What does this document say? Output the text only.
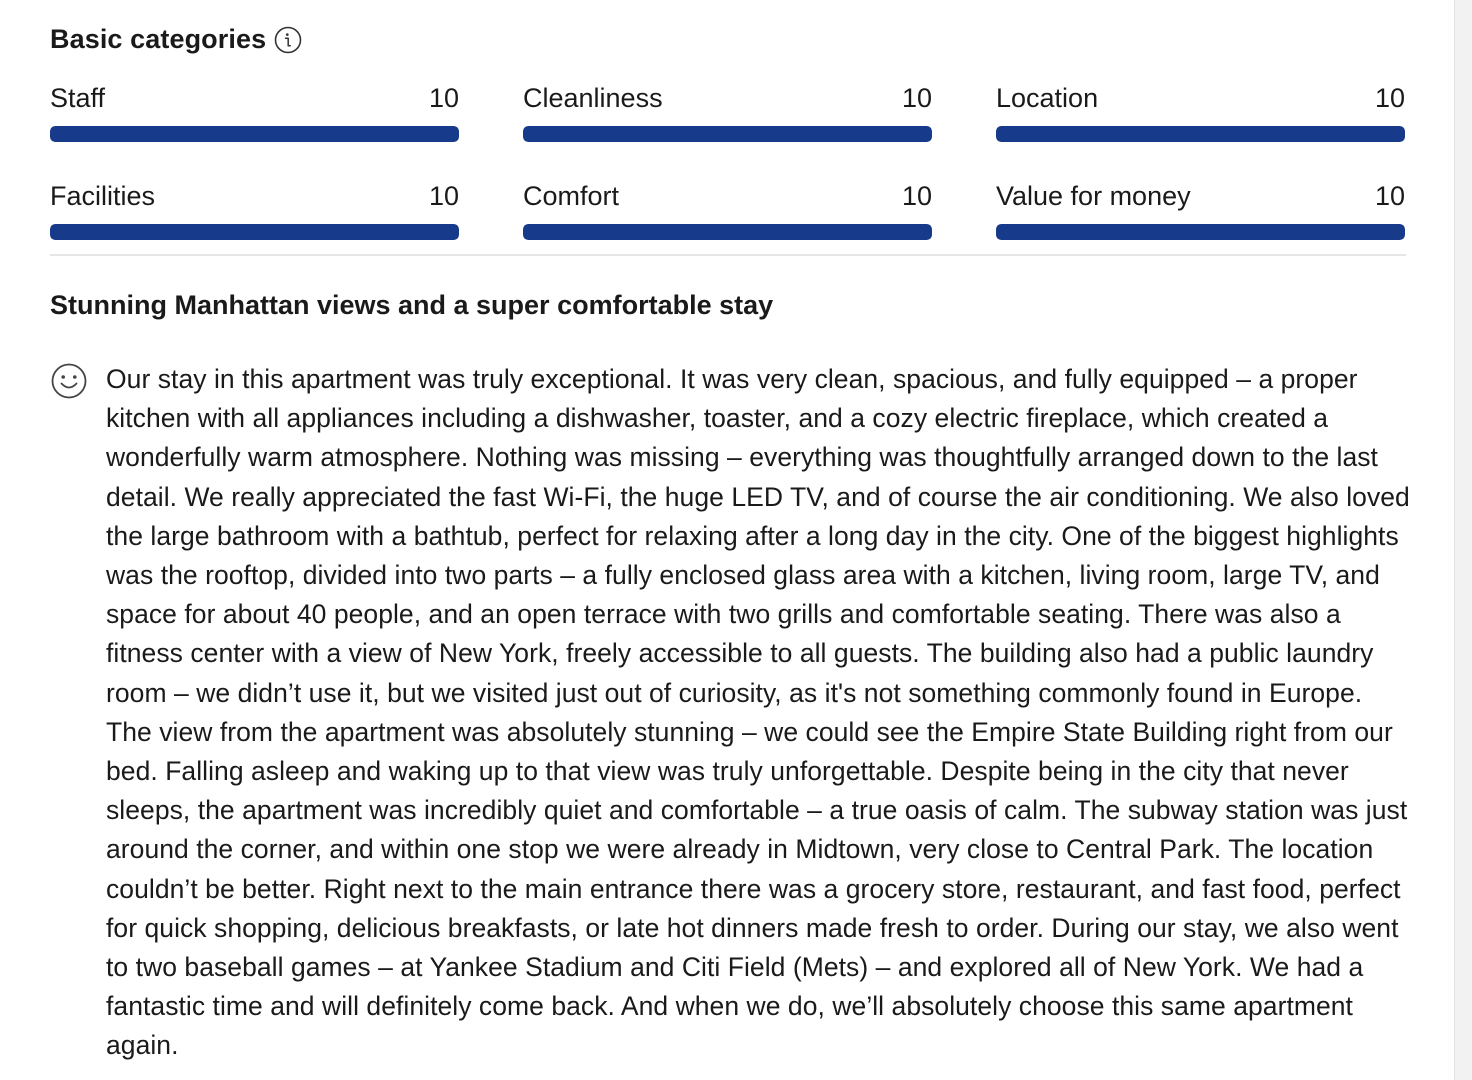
Basic categories
Staff	10 Cleanliness	10 Location	10
Facilities	10 Comfort	10 Value for money	10
Stunning Manhattan views and a super comfortable stay

Our stay in this apartment was truly exceptional. It was very clean, spacious, and fully equipped – a proper kitchen with all appliances including a dishwasher, toaster, and a cozy electric fireplace, which created a wonderfully warm atmosphere. Nothing was missing – everything was thoughtfully arranged down to the last detail. We really appreciated the fast Wi-Fi, the huge LED TV, and of course the air conditioning. We also loved the large bathroom with a bathtub, perfect for relaxing after a long day in the city. One of the biggest highlights was the rooftop, divided into two parts – a fully enclosed glass area with a kitchen, living room, large TV, and space for about 40 people, and an open terrace with two grills and comfortable seating. There was also a fitness center with a view of New York, freely accessible to all guests. The building also had a public laundry room – we didn’t use it, but we visited just out of curiosity, as it's not something commonly found in Europe. The view from the apartment was absolutely stunning – we could see the Empire State Building right from our bed. Falling asleep and waking up to that view was truly unforgettable. Despite being in the city that never sleeps, the apartment was incredibly quiet and comfortable – a true oasis of calm. The subway station was just around the corner, and within one stop we were already in Midtown, very close to Central Park. The location couldn’t be better. Right next to the main entrance there was a grocery store, restaurant, and fast food, perfect for quick shopping, delicious breakfasts, or late hot dinners made fresh to order. During our stay, we also went to two baseball games – at Yankee Stadium and Citi Field (Mets) – and explored all of New York. We had a fantastic time and will definitely come back. And when we do, we’ll absolutely choose this same apartment again.
